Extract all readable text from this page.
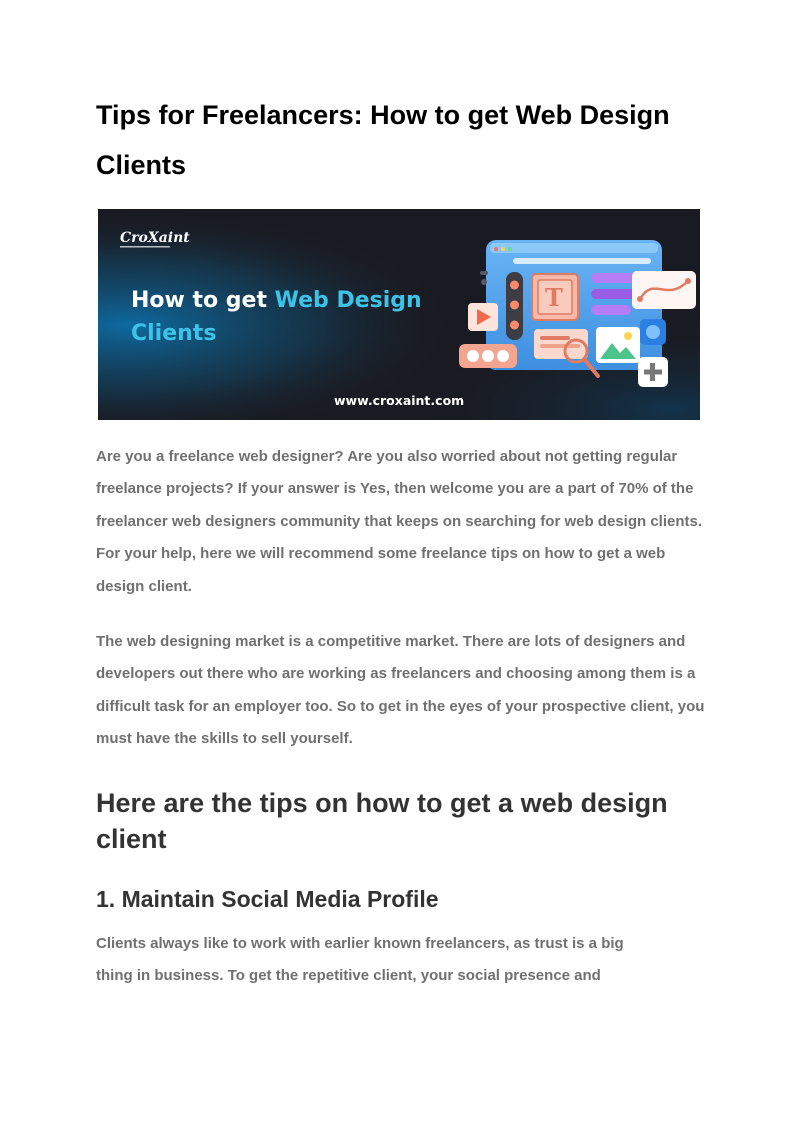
Tips for Freelancers: How to get Web Design Clients
CroXaint
How to get Web Design
Clients
www.croxaint.com
T

Are you a freelance web designer? Are you also worried about not getting regular freelance projects? If your answer is Yes, then welcome you are a part of 70% of the freelancer web designers community that keeps on searching for web design clients. For your help, here we will recommend some freelance tips on how to get a web design client.

The web designing market is a competitive market. There are lots of designers and developers out there who are working as freelancers and choosing among them is a difficult task for an employer too. So to get in the eyes of your prospective client, you must have the skills to sell yourself.

Here are the tips on how to get a web design client
1. Maintain Social Media Profile

Clients always like to work with earlier known freelancers, as trust is a big thing in business. To get the repetitive client, your social presence and
